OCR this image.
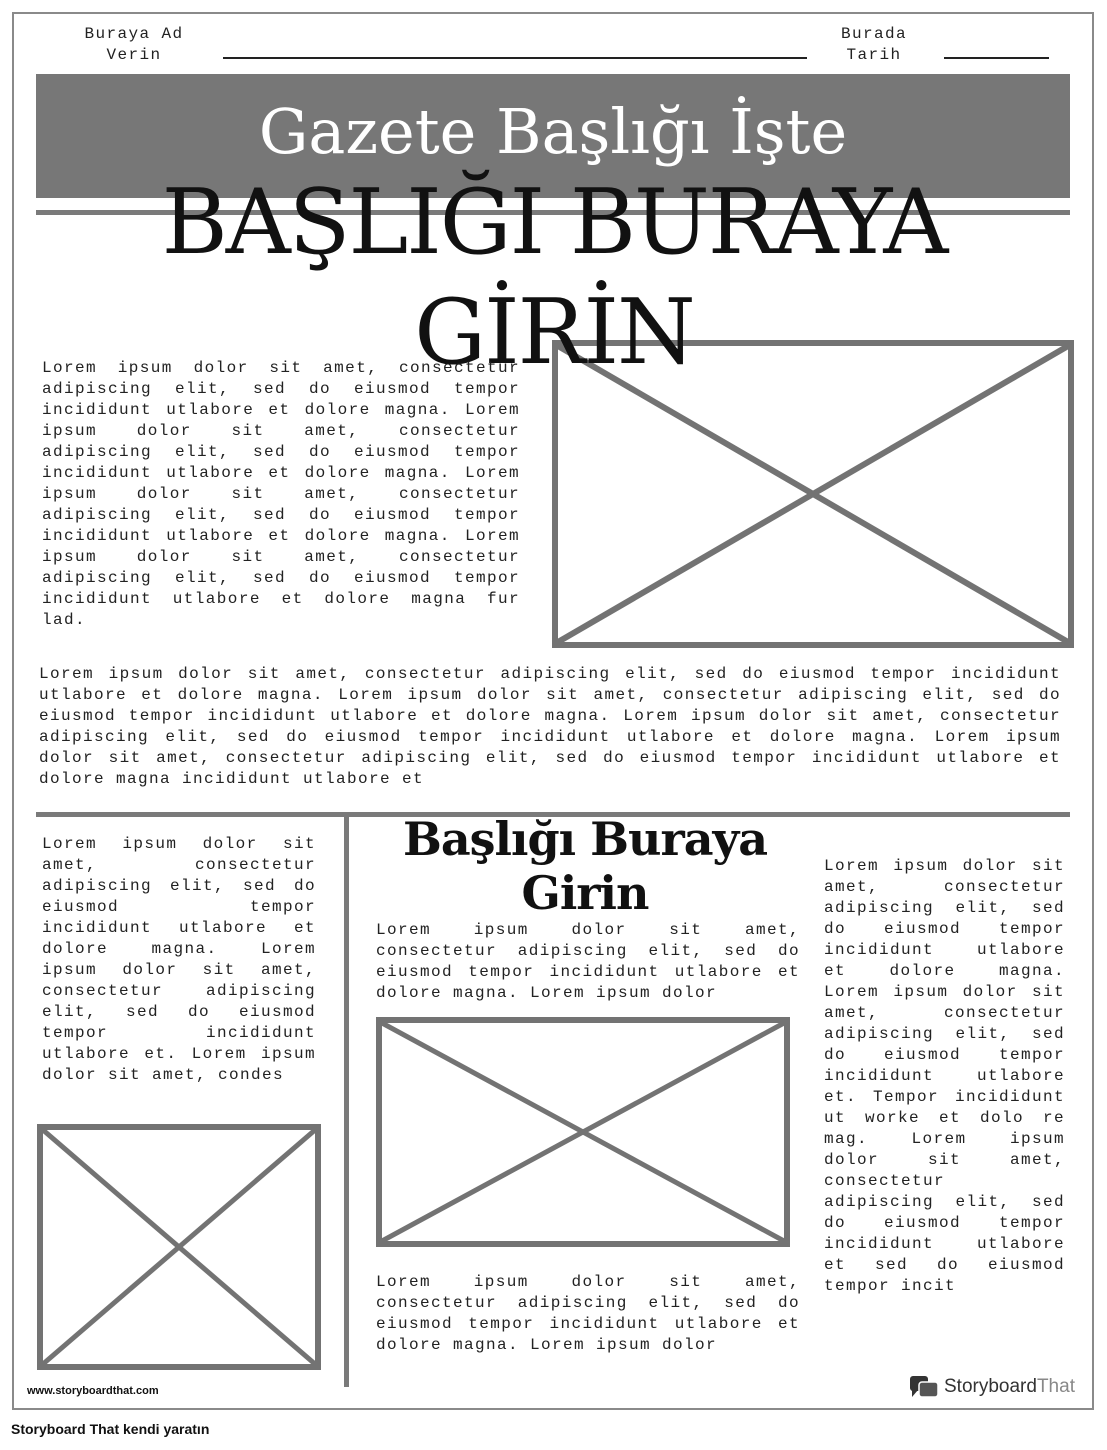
Buraya Ad
Verin
Burada
Tarih
Gazete Başlığı İşte
BAŞLIĞI BURAYA GİRİN
Lorem ipsum dolor sit amet, consectetur adipiscing elit, sed do eiusmod tempor incididunt utlabore et dolore magna. Lorem ipsum dolor sit amet, consectetur adipiscing elit, sed do eiusmod tempor incididunt utlabore et dolore magna. Lorem ipsum dolor sit amet, consectetur adipiscing elit, sed do eiusmod tempor incididunt utlabore et dolore magna. Lorem ipsum dolor sit amet, consectetur adipiscing elit, sed do eiusmod tempor incididunt utlabore et dolore magna fur lad.
Lorem ipsum dolor sit amet, consectetur adipiscing elit, sed do eiusmod tempor incididunt utlabore et dolore magna. Lorem ipsum dolor sit amet, consectetur adipiscing elit, sed do eiusmod tempor incididunt utlabore et dolore magna. Lorem ipsum dolor sit amet, consectetur adipiscing elit, sed do eiusmod tempor incididunt utlabore et dolore magna. Lorem ipsum dolor sit amet, consectetur adipiscing elit, sed do eiusmod tempor incididunt utlabore et dolore magna incididunt utlabore et
Lorem ipsum dolor sit amet, consectetur adipiscing elit, sed do eiusmod tempor incididunt utlabore et dolore magna. Lorem ipsum dolor sit amet, consectetur adipiscing elit, sed do eiusmod tempor incididunt utlabore et. Lorem ipsum dolor sit amet, condes
Başlığı Buraya Girin
Lorem ipsum dolor sit amet, consectetur adipiscing elit, sed do eiusmod tempor incididunt utlabore et dolore magna. Lorem ipsum dolor
Lorem ipsum dolor sit amet, consectetur adipiscing elit, sed do eiusmod tempor incididunt utlabore et dolore magna. Lorem ipsum dolor
Lorem ipsum dolor sit amet, consectetur adipiscing elit, sed do eiusmod tempor incididunt utlabore et dolore magna. Lorem ipsum dolor sit amet, consectetur adipiscing elit, sed do eiusmod tempor incididunt utlabore et. Tempor incididunt ut worke et dolo re mag. Lorem ipsum dolor sit amet, consectetur adipiscing elit, sed do eiusmod tempor incididunt utlabore et sed do eiusmod tempor incit
www.storyboardthat.com	Storyboard That
Storyboard That kendi yaratın
